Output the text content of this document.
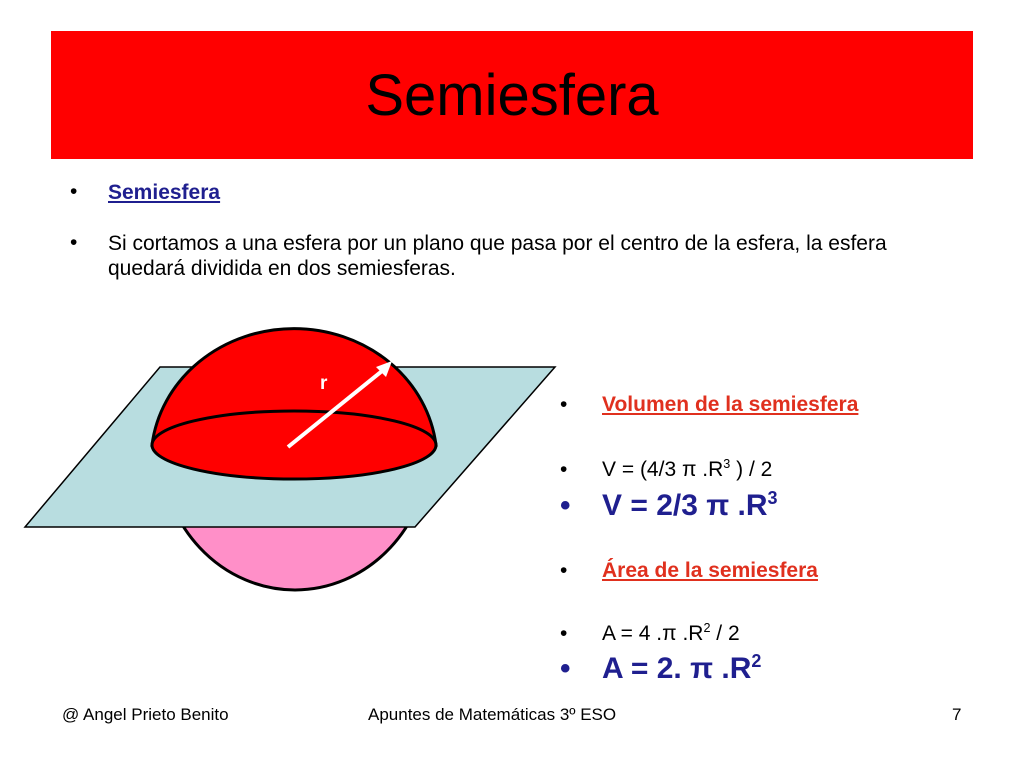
Semiesfera
•	Semiesfera
•	Si cortamos a una esfera por un plano que pasa por el centro de la esfera, la esfera quedará dividida en dos semiesferas.
r
•	Volumen de la semiesfera
•	V = (4/3 π $.R^3$ ) / 2
•	V = 2/3 π $.R^3$
•	Área de la semiesfera
•	A = 4 .π $.R^2 / 2$
•	A = 2. π $.R^2$
@ Angel Prieto Benito	Apuntes de Matemáticas 3º ESO	7
